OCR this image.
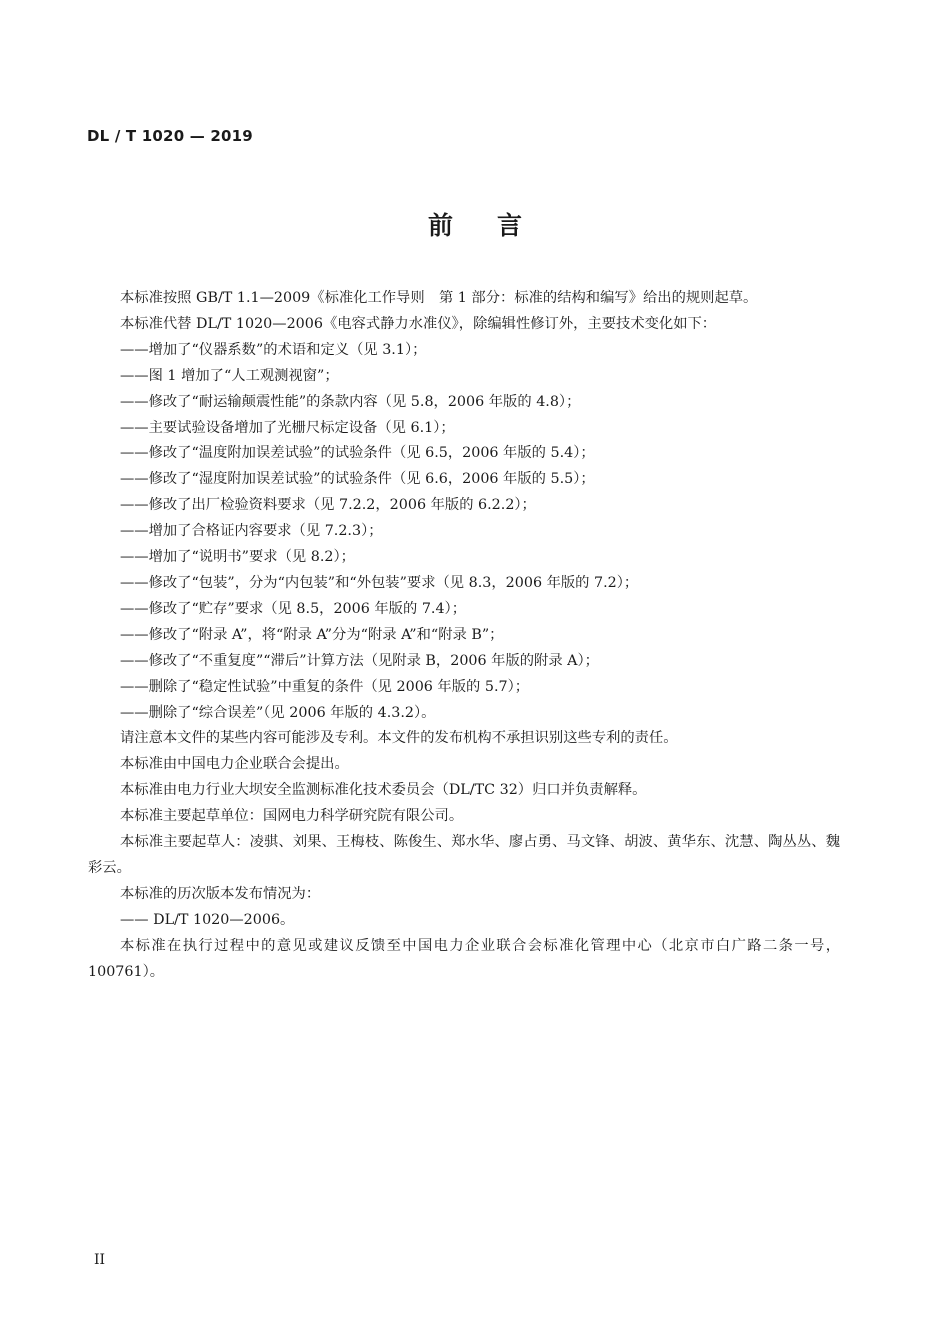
DL / T 1020 — 2019
前 言
本标准按照 GB/T 1.1—2009《标准化工作导则　第 1 部分：标准的结构和编写》给出的规则起草。
本标准代替 DL/T 1020—2006《电容式静力水准仪》，除编辑性修订外，主要技术变化如下：
——增加了“仪器系数”的术语和定义（见 3.1）；
——图 1 增加了“人工观测视窗”；
——修改了“耐运输颠震性能”的条款内容（见 5.8，2006 年版的 4.8）；
——主要试验设备增加了光栅尺标定设备（见 6.1）；
——修改了“温度附加误差试验”的试验条件（见 6.5，2006 年版的 5.4）；
——修改了“湿度附加误差试验”的试验条件（见 6.6，2006 年版的 5.5）；
——修改了出厂检验资料要求（见 7.2.2，2006 年版的 6.2.2）；
——增加了合格证内容要求（见 7.2.3）；
——增加了“说明书”要求（见 8.2）；
——修改了“包装”，分为“内包装”和“外包装”要求（见 8.3，2006 年版的 7.2）；
——修改了“贮存”要求（见 8.5，2006 年版的 7.4）；
——修改了“附录 A”，将“附录 A”分为“附录 A”和“附录 B”；
——修改了“不重复度”“滞后”计算方法（见附录 B，2006 年版的附录 A）；
——删除了“稳定性试验”中重复的条件（见 2006 年版的 5.7）；
——删除了“综合误差”（见 2006 年版的 4.3.2）。
请注意本文件的某些内容可能涉及专利。本文件的发布机构不承担识别这些专利的责任。
本标准由中国电力企业联合会提出。
本标准由电力行业大坝安全监测标准化技术委员会（DL/TC 32）归口并负责解释。
本标准主要起草单位：国网电力科学研究院有限公司。
本标准主要起草人：凌骐、刘果、王梅枝、陈俊生、郑水华、廖占勇、马文锋、胡波、黄华东、沈慧、陶丛丛、魏彩云。
本标准的历次版本发布情况为：
—— DL/T 1020—2006。
本标准在执行过程中的意见或建议反馈至中国电力企业联合会标准化管理中心（北京市白广路二条一号，100761）。
II
